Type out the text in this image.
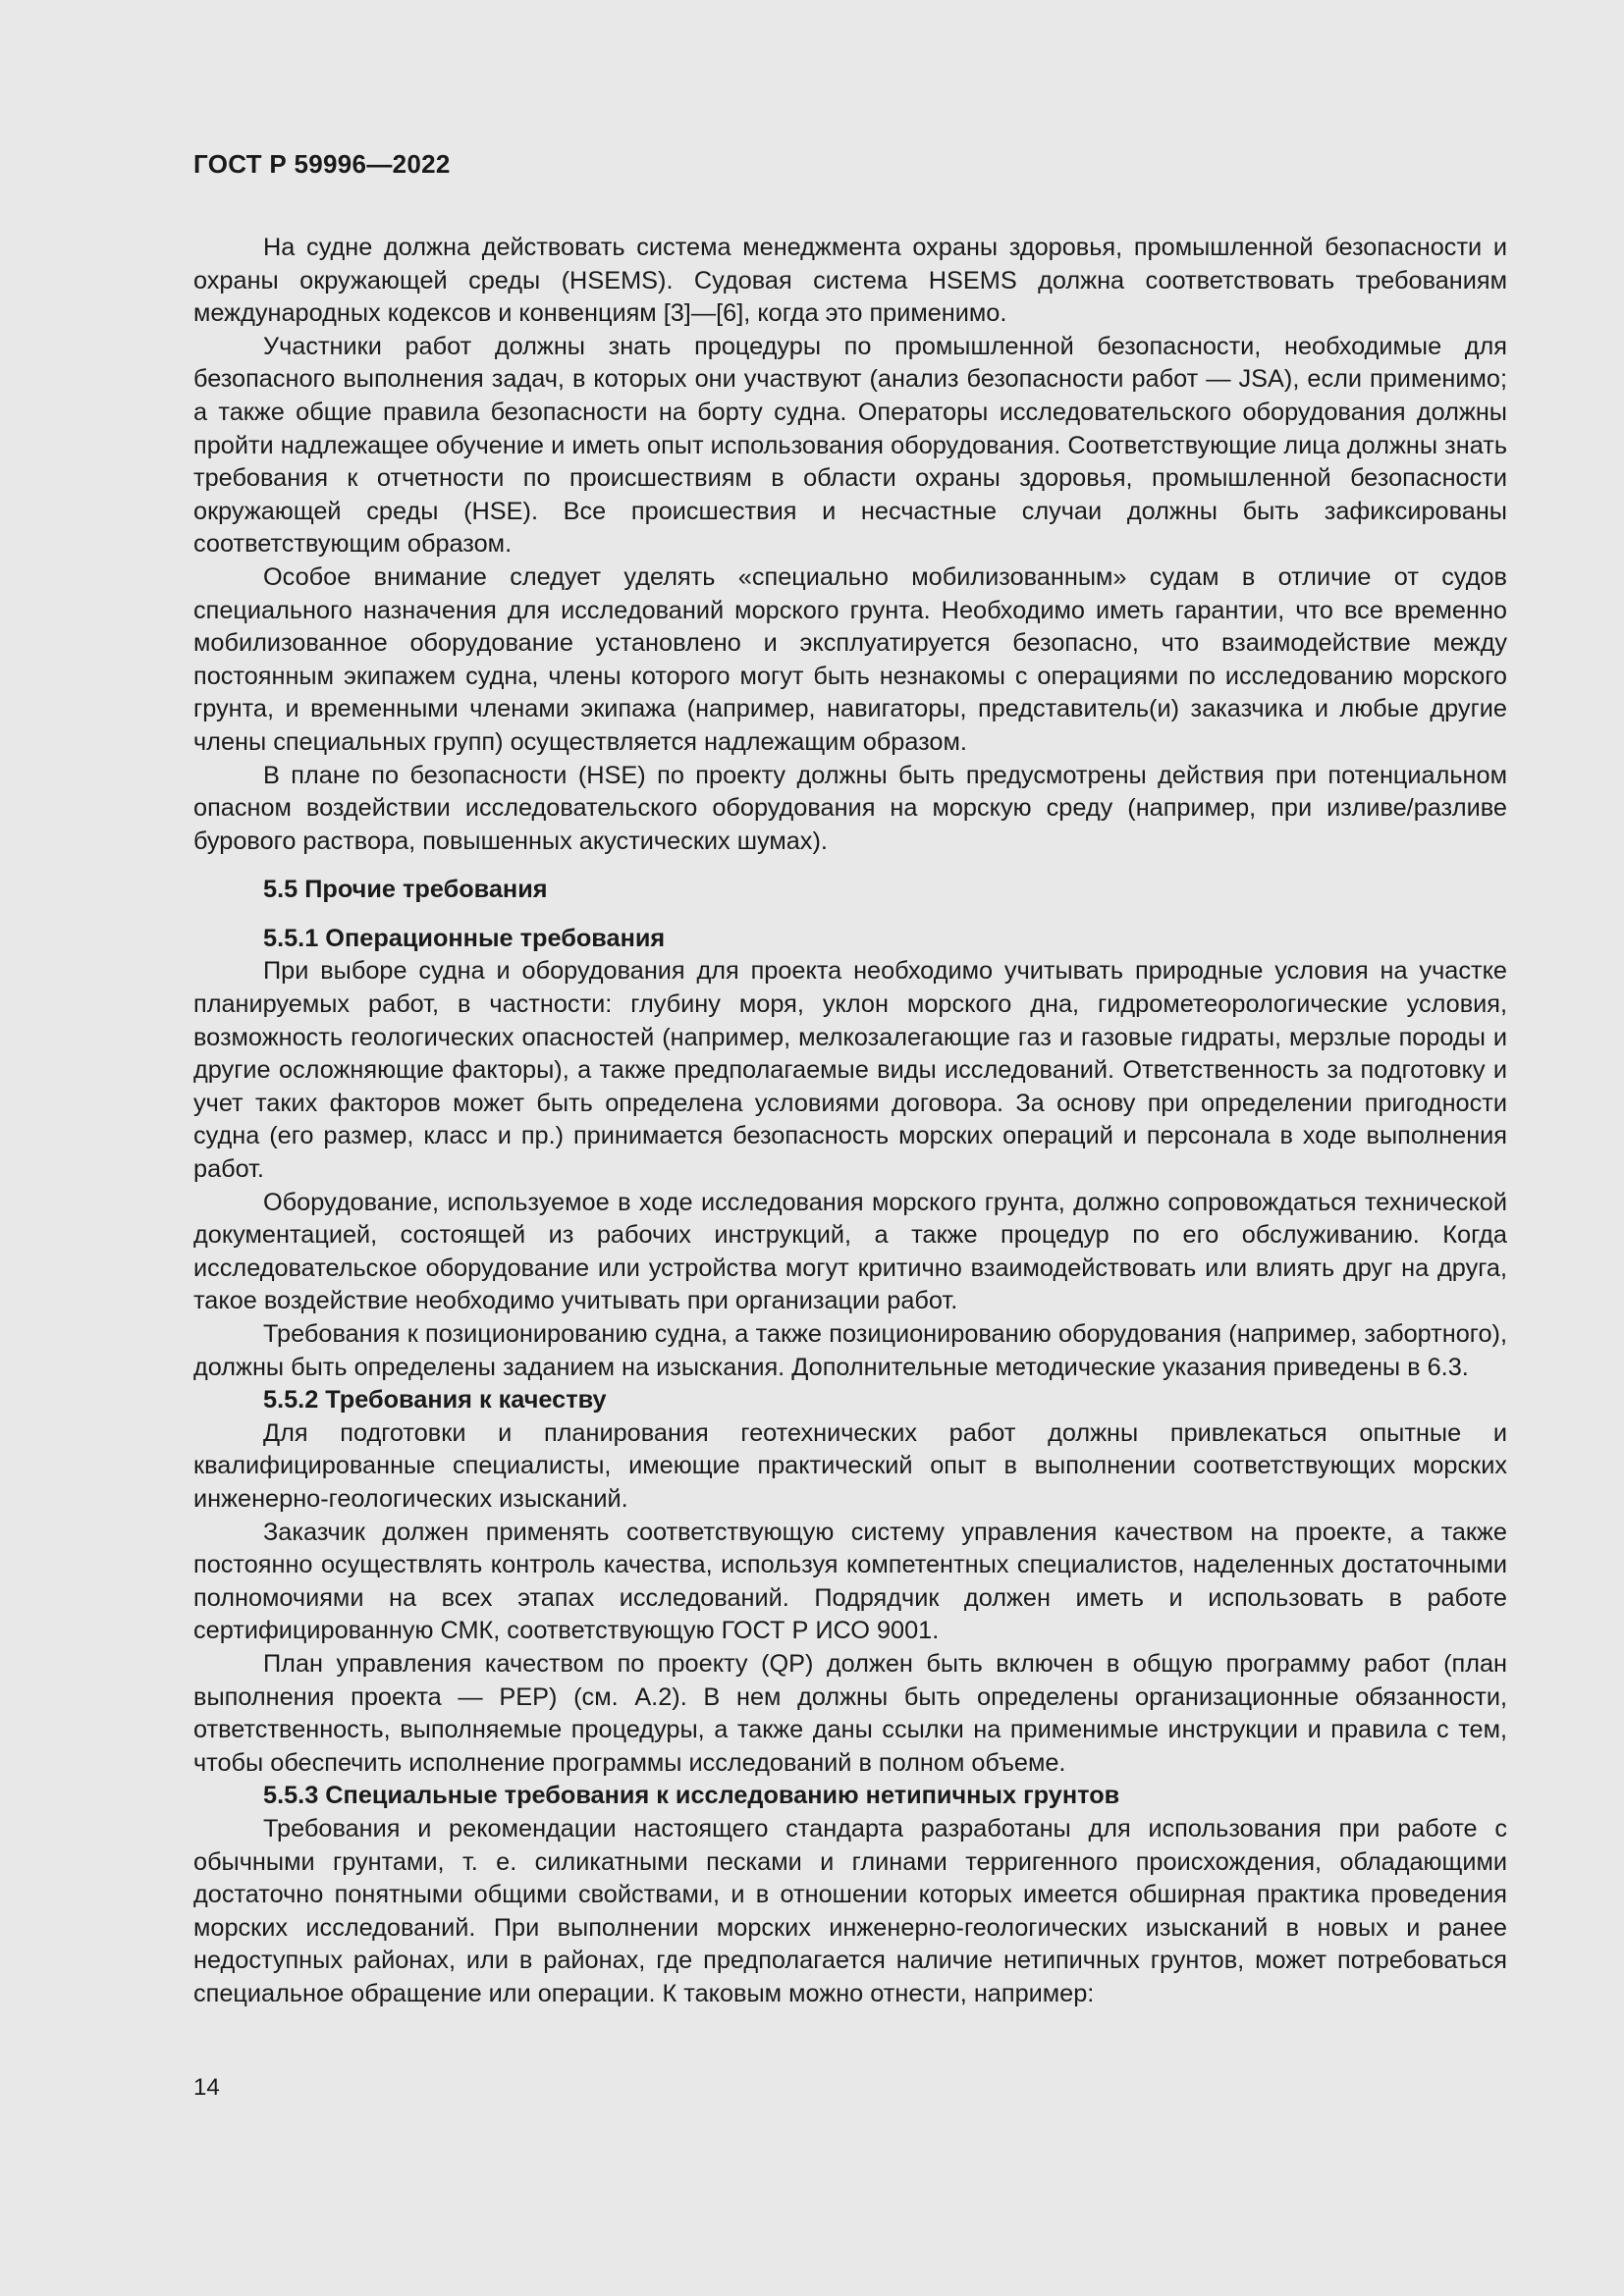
ГОСТ Р 59996—2022

На судне должна действовать система менеджмента охраны здоровья, промышленной безопасности и охраны окружающей среды (HSEMS). Судовая система HSEMS должна соответствовать требованиям международных кодексов и конвенциям [3]—[6], когда это применимо.

Участники работ должны знать процедуры по промышленной безопасности, необходимые для безопасного выполнения задач, в которых они участвуют (анализ безопасности работ — JSA), если применимо; а также общие правила безопасности на борту судна. Операторы исследовательского оборудования должны пройти надлежащее обучение и иметь опыт использования оборудования. Соответствующие лица должны знать требования к отчетности по происшествиям в области охраны здоровья, промышленной безопасности окружающей среды (HSE). Все происшествия и несчастные случаи должны быть зафиксированы соответствующим образом.

Особое внимание следует уделять «специально мобилизованным» судам в отличие от судов специального назначения для исследований морского грунта. Необходимо иметь гарантии, что все временно мобилизованное оборудование установлено и эксплуатируется безопасно, что взаимодействие между постоянным экипажем судна, члены которого могут быть незнакомы с операциями по исследованию морского грунта, и временными членами экипажа (например, навигаторы, представитель(и) заказчика и любые другие члены специальных групп) осуществляется надлежащим образом.

В плане по безопасности (HSE) по проекту должны быть предусмотрены действия при потенциальном опасном воздействии исследовательского оборудования на морскую среду (например, при изливе/разливе бурового раствора, повышенных акустических шумах).

5.5 Прочие требования
5.5.1 Операционные требования

При выборе судна и оборудования для проекта необходимо учитывать природные условия на участке планируемых работ, в частности: глубину моря, уклон морского дна, гидрометеорологические условия, возможность геологических опасностей (например, мелкозалегающие газ и газовые гидраты, мерзлые породы и другие осложняющие факторы), а также предполагаемые виды исследований. Ответственность за подготовку и учет таких факторов может быть определена условиями договора. За основу при определении пригодности судна (его размер, класс и пр.) принимается безопасность морских операций и персонала в ходе выполнения работ.

Оборудование, используемое в ходе исследования морского грунта, должно сопровождаться технической документацией, состоящей из рабочих инструкций, а также процедур по его обслуживанию. Когда исследовательское оборудование или устройства могут критично взаимодействовать или влиять друг на друга, такое воздействие необходимо учитывать при организации работ.

Требования к позиционированию судна, а также позиционированию оборудования (например, забортного), должны быть определены заданием на изыскания. Дополнительные методические указания приведены в 6.3.

5.5.2 Требования к качеству

Для подготовки и планирования геотехнических работ должны привлекаться опытные и квалифицированные специалисты, имеющие практический опыт в выполнении соответствующих морских инженерно-геологических изысканий.

Заказчик должен применять соответствующую систему управления качеством на проекте, а также постоянно осуществлять контроль качества, используя компетентных специалистов, наделенных достаточными полномочиями на всех этапах исследований. Подрядчик должен иметь и использовать в работе сертифицированную СМК, соответствующую ГОСТ Р ИСО 9001.

План управления качеством по проекту (QP) должен быть включен в общую программу работ (план выполнения проекта — PEP) (см. А.2). В нем должны быть определены организационные обязанности, ответственность, выполняемые процедуры, а также даны ссылки на применимые инструкции и правила с тем, чтобы обеспечить исполнение программы исследований в полном объеме.

5.5.3 Специальные требования к исследованию нетипичных грунтов

Требования и рекомендации настоящего стандарта разработаны для использования при работе с обычными грунтами, т. е. силикатными песками и глинами терригенного происхождения, обладающими достаточно понятными общими свойствами, и в отношении которых имеется обширная практика проведения морских исследований. При выполнении морских инженерно-геологических изысканий в новых и ранее недоступных районах, или в районах, где предполагается наличие нетипичных грунтов, может потребоваться специальное обращение или операции. К таковым можно отнести, например:

14
